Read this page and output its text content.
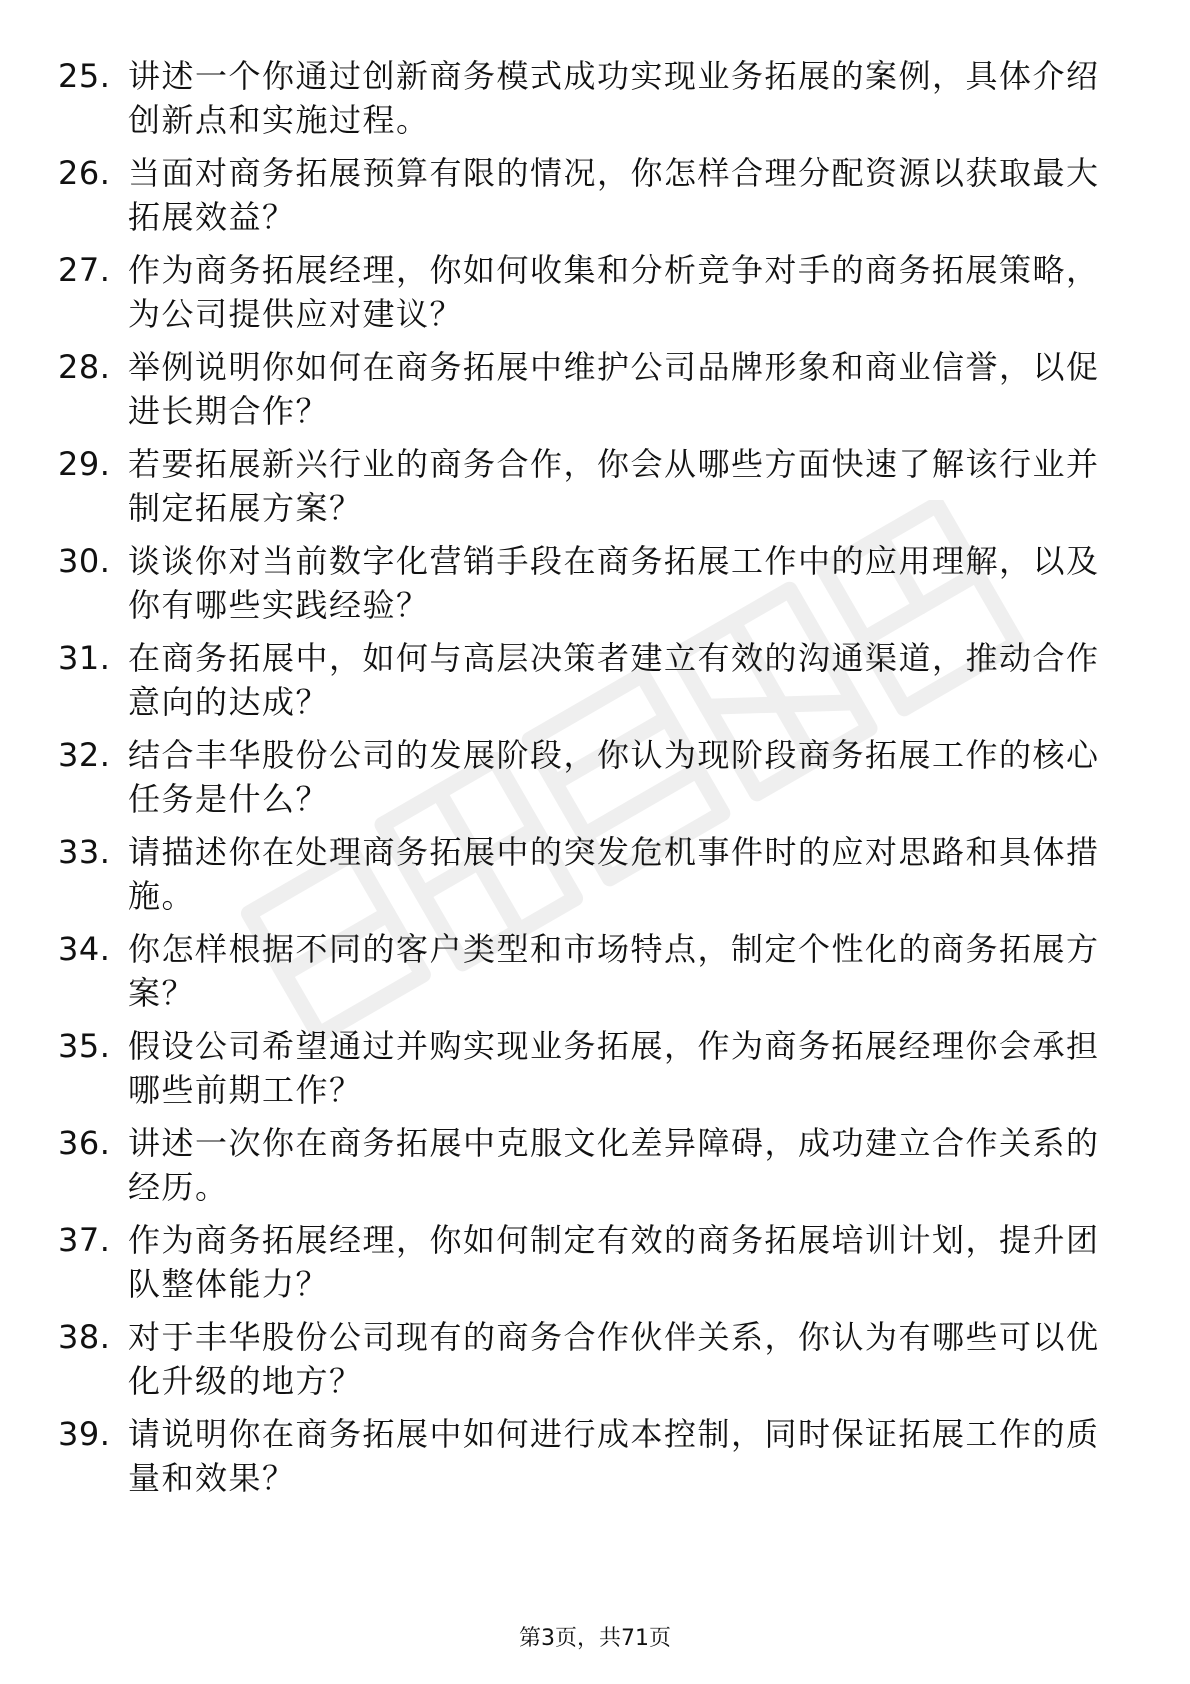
25. 讲述一个你通过创新商务模式成功实现业务拓展的案例，具体介绍创新点和实施过程。
26. 当面对商务拓展预算有限的情况，你怎样合理分配资源以获取最大拓展效益？
27. 作为商务拓展经理，你如何收集和分析竞争对手的商务拓展策略，为公司提供应对建议？
28. 举例说明你如何在商务拓展中维护公司品牌形象和商业信誉，以促进长期合作？
29. 若要拓展新兴行业的商务合作，你会从哪些方面快速了解该行业并制定拓展方案？
30. 谈谈你对当前数字化营销手段在商务拓展工作中的应用理解，以及你有哪些实践经验？
31. 在商务拓展中，如何与高层决策者建立有效的沟通渠道，推动合作意向的达成？
32. 结合丰华股份公司的发展阶段，你认为现阶段商务拓展工作的核心任务是什么？
33. 请描述你在处理商务拓展中的突发危机事件时的应对思路和具体措施。
34. 你怎样根据不同的客户类型和市场特点，制定个性化的商务拓展方案？
35. 假设公司希望通过并购实现业务拓展，作为商务拓展经理你会承担哪些前期工作？
36. 讲述一次你在商务拓展中克服文化差异障碍，成功建立合作关系的经历。
37. 作为商务拓展经理，你如何制定有效的商务拓展培训计划，提升团队整体能力？
38. 对于丰华股份公司现有的商务合作伙伴关系，你认为有哪些可以优化升级的地方？
39. 请说明你在商务拓展中如何进行成本控制，同时保证拓展工作的质量和效果？
第3页，共71页
